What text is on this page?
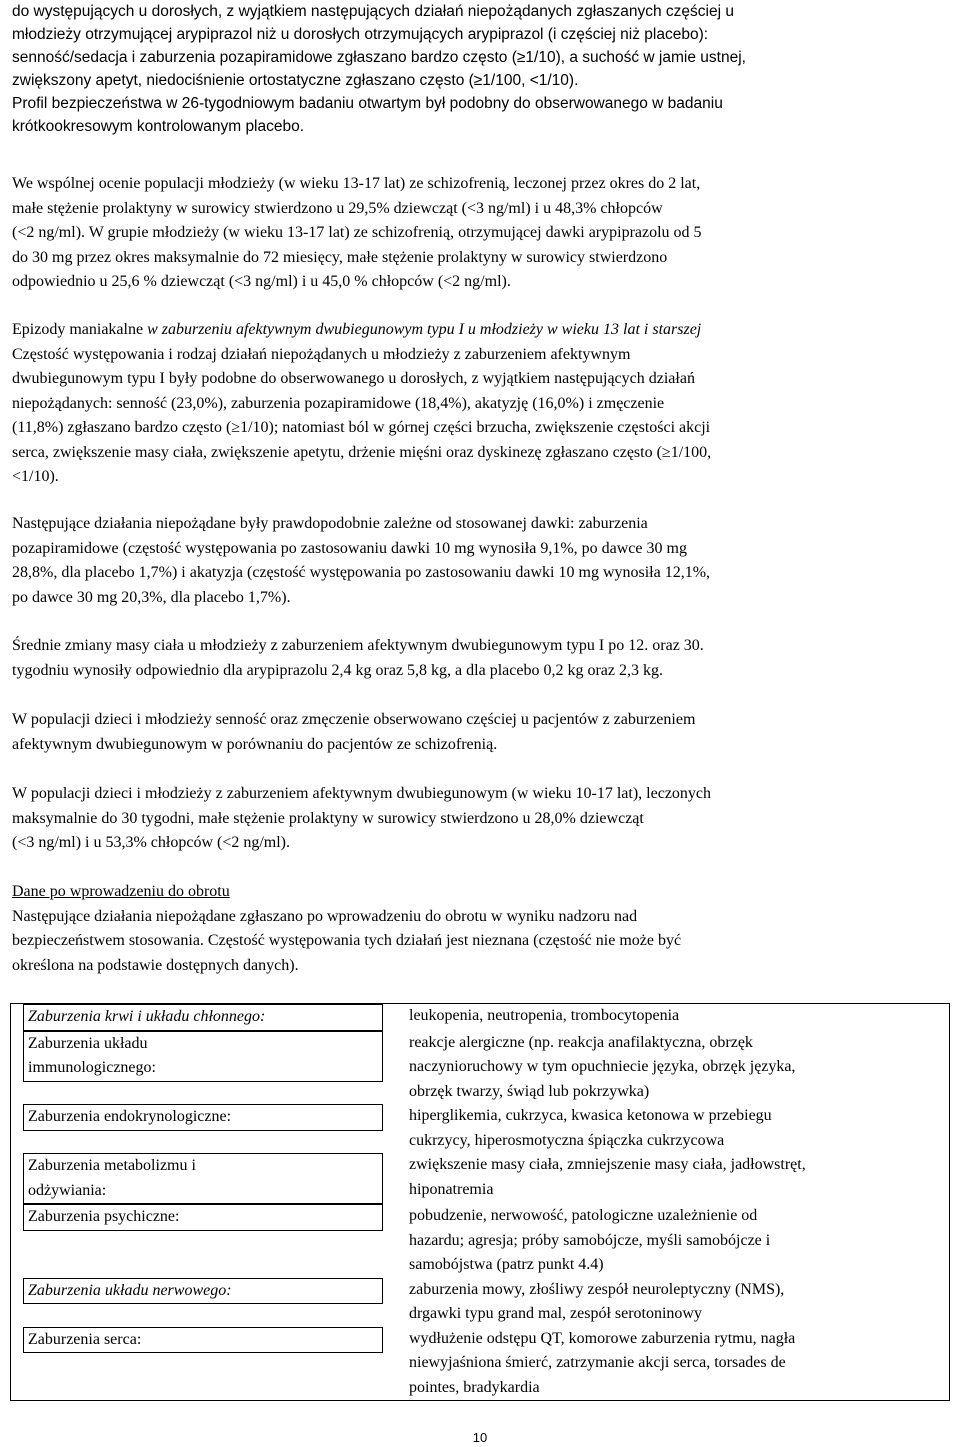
do występujących u dorosłych, z wyjątkiem następujących działań niepożądanych zgłaszanych częściej u
młodzieży otrzymującej arypiprazol niż u dorosłych otrzymujących arypiprazol (i częściej niż placebo):
senność/sedacja i zaburzenia pozapiramidowe zgłaszano bardzo często (≥1/10), a suchość w jamie ustnej,
zwiększony apetyt, niedociśnienie ortostatyczne zgłaszano często (≥1/100, <1/10).
Profil bezpieczeństwa w 26-tygodniowym badaniu otwartym był podobny do obserwowanego w badaniu
krótkookresowym kontrolowanym placebo.
We wspólnej ocenie populacji młodzieży (w wieku 13-17 lat) ze schizofrenią, leczonej przez okres do 2 lat,
małe stężenie prolaktyny w surowicy stwierdzono u 29,5% dziewcząt (<3 ng/ml) i u 48,3% chłopców
(<2 ng/ml). W grupie młodzieży (w wieku 13-17 lat) ze schizofrenią, otrzymującej dawki arypiprazolu od 5
do 30 mg przez okres maksymalnie do 72 miesięcy, małe stężenie prolaktyny w surowicy stwierdzono
odpowiednio u 25,6 % dziewcząt (<3 ng/ml) i u 45,0 % chłopców (<2 ng/ml).
Epizody maniakalne w zaburzeniu afektywnym dwubiegunowym typu I u młodzieży w wieku 13 lat i starszej
Częstość występowania i rodzaj działań niepożądanych u młodzieży z zaburzeniem afektywnym
dwubiegunowym typu I były podobne do obserwowanego u dorosłych, z wyjątkiem następujących działań
niepożądanych: senność (23,0%), zaburzenia pozapiramidowe (18,4%), akatyzję (16,0%) i zmęczenie
(11,8%) zgłaszano bardzo często (≥1/10); natomiast ból w górnej części brzucha, zwiększenie częstości akcji
serca, zwiększenie masy ciała, zwiększenie apetytu, drżenie mięśni oraz dyskinezę zgłaszano często (≥1/100,
<1/10).
Następujące działania niepożądane były prawdopodobnie zależne od stosowanej dawki: zaburzenia
pozapiramidowe (częstość występowania po zastosowaniu dawki 10 mg wynosiła 9,1%, po dawce 30 mg
28,8%, dla placebo 1,7%) i akatyzja (częstość występowania po zastosowaniu dawki 10 mg wynosiła 12,1%,
po dawce 30 mg 20,3%, dla placebo 1,7%).
Średnie zmiany masy ciała u młodzieży z zaburzeniem afektywnym dwubiegunowym typu I po 12. oraz 30.
tygodniu wynosiły odpowiednio dla arypiprazolu 2,4 kg oraz 5,8 kg, a dla placebo 0,2 kg oraz 2,3 kg.
W populacji dzieci i młodzieży senność oraz zmęczenie obserwowano częściej u pacjentów z zaburzeniem
afektywnym dwubiegunowym w porównaniu do pacjentów ze schizofrenią.
W populacji dzieci i młodzieży z zaburzeniem afektywnym dwubiegunowym (w wieku 10-17 lat), leczonych
maksymalnie do 30 tygodni, małe stężenie prolaktyny w surowicy stwierdzono u 28,0% dziewcząt
(<3 ng/ml) i u 53,3% chłopców (<2 ng/ml).
Dane po wprowadzeniu do obrotu
Następujące działania niepożądane zgłaszano po wprowadzeniu do obrotu w wyniku nadzoru nad
bezpieczeństwem stosowania. Częstość występowania tych działań jest nieznana (częstość nie może być
określona na podstawie dostępnych danych).
Zaburzenia krwi i układu chłonnego:	leukopenia, neutropenia, trombocytopenia

Zaburzenia układu
immunologicznego:	reakcje alergiczne (np. reakcja anafilaktyczna, obrzęk
naczynioruchowy w tym opuchniecie języka, obrzęk języka,
obrzęk twarzy, świąd lub pokrzywka)

Zaburzenia endokrynologiczne:	hiperglikemia, cukrzyca, kwasica ketonowa w przebiegu
cukrzycy, hiperosmotyczna śpiączka cukrzycowa

Zaburzenia metabolizmu i
odżywiania:	zwiększenie masy ciała, zmniejszenie masy ciała, jadłowstręt,
hiponatremia

Zaburzenia psychiczne:	pobudzenie, nerwowość, patologiczne uzależnienie od
hazardu; agresja; próby samobójcze, myśli samobójcze i
samobójstwa (patrz punkt 4.4)

Zaburzenia układu nerwowego:	zaburzenia mowy, złośliwy zespół neuroleptyczny (NMS),
drgawki typu grand mal, zespół serotoninowy

Zaburzenia serca:	wydłużenie odstępu QT, komorowe zaburzenia rytmu, nagła
niewyjaśniona śmierć, zatrzymanie akcji serca, torsades de
pointes, bradykardia
10
